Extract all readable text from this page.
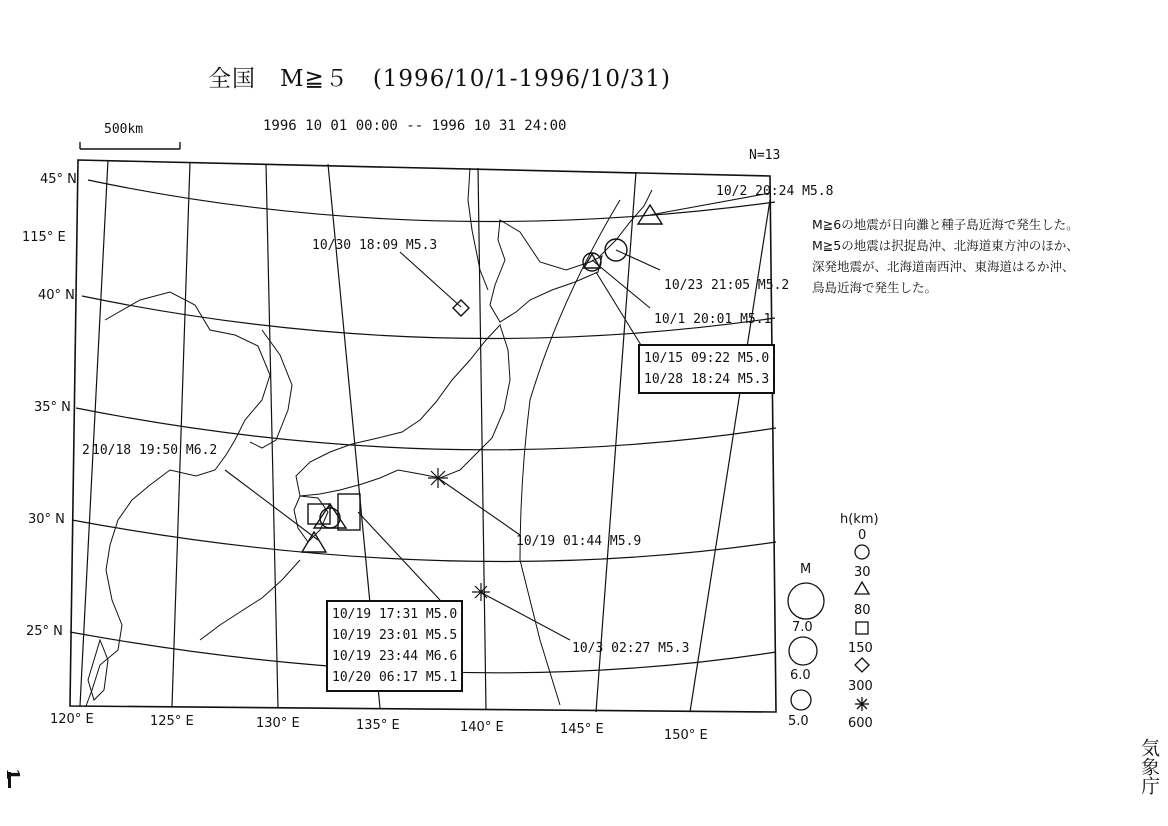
全国　M≧５　(1996/10/1-1996/10/31)
1996 10 01 00:00 -- 1996 10 31 24:00
N=13
500km
45° N
40° N
35° N
30° N
25° N
115° E
120° E	125° E	130° E	135° E	140° E	145° E	150° E
10/2 20:24 M5.8
10/23 21:05 M5.2
10/1 20:01 M5.1
10/30 18:09 M5.3
2 10/18 19:50 M6.2
10/19 01:44 M5.9
10/3 02:27 M5.3
10/15 09:22 M5.0
10/28 18:24 M5.3
10/19 17:31 M5.0
10/19 23:01 M5.5
10/19 23:44 M6.6
10/20 06:17 M5.1
M≧6の地震が日向灘と種子島近海で発生した。
M≧5の地震は択捉島沖、北海道東方沖のほか、
深発地震が、北海道南西沖、東海道はるか沖、
鳥島近海で発生した。
h(km)
0
30
80
150
300
600
M
7.0
6.0
5.0
気象庁
1
